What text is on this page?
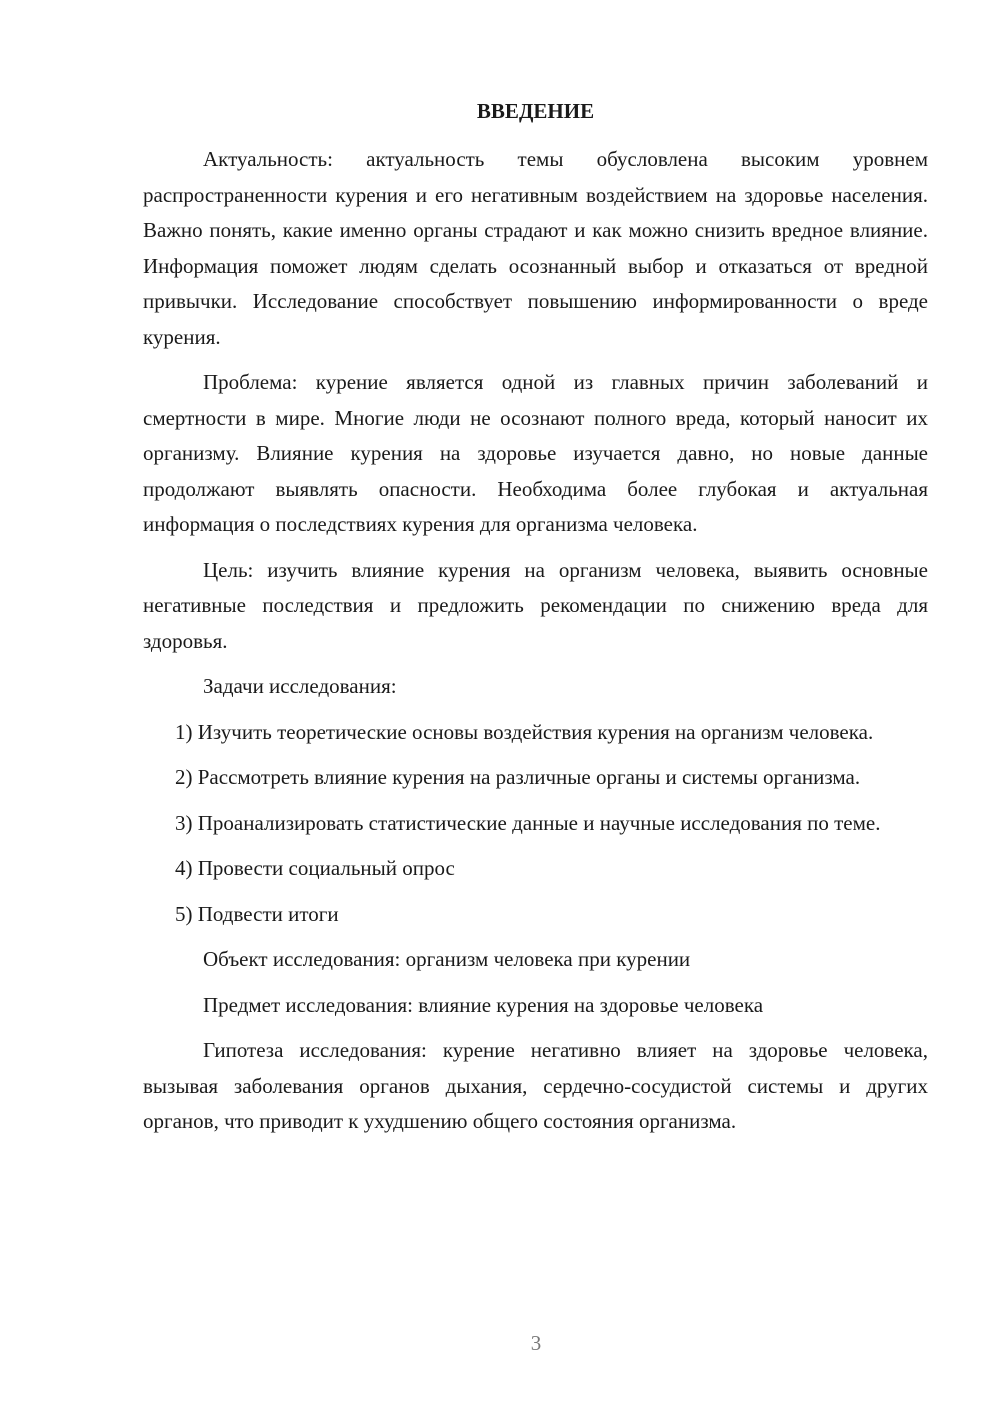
ВВЕДЕНИЕ

Актуальность: актуальность темы обусловлена высоким уровнем распространенности курения и его негативным воздействием на здоровье населения. Важно понять, какие именно органы страдают и как можно снизить вредное влияние. Информация поможет людям сделать осознанный выбор и отказаться от вредной привычки. Исследование способствует повышению информированности о вреде курения.

Проблема: курение является одной из главных причин заболеваний и смертности в мире. Многие люди не осознают полного вреда, который наносит их организму. Влияние курения на здоровье изучается давно, но новые данные продолжают выявлять опасности. Необходима более глубокая и актуальная информация о последствиях курения для организма человека.

Цель: изучить влияние курения на организм человека, выявить основные негативные последствия и предложить рекомендации по снижению вреда для здоровья.

Задачи исследования:

1) Изучить теоретические основы воздействия курения на организм человека.

2) Рассмотреть влияние курения на различные органы и системы организма.

3) Проанализировать статистические данные и научные исследования по теме.

4) Провести социальный опрос

5) Подвести итоги

Объект исследования: организм человека при курении

Предмет исследования: влияние курения на здоровье человека

Гипотеза исследования: курение негативно влияет на здоровье человека, вызывая заболевания органов дыхания, сердечно-сосудистой системы и других органов, что приводит к ухудшению общего состояния организма.

3
